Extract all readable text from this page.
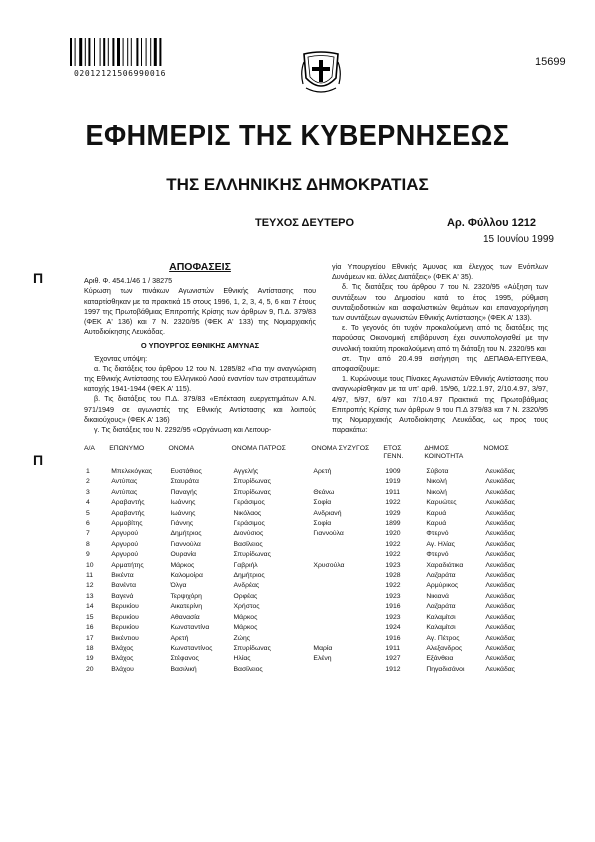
02012121506990016
15699
ΕΦΗΜΕΡΙΣ ΤΗΣ ΚΥΒΕΡΝΗΣΕΩΣ
ΤΗΣ ΕΛΛΗΝΙΚΗΣ ΔΗΜΟΚΡΑΤΙΑΣ
ΤΕΥΧΟΣ ΔΕΥΤΕΡΟ	Αρ. Φύλλου 1212
15 Ιουνίου 1999
Π
Π
ΑΠΟΦΑΣΕΙΣ

Αριθ. Φ. 454.1/46 1 / 38275

Κύρωση των πινάκων Αγωνιστών Εθνικής Αντίστασης που καταρτίσθηκαν με τα πρακτικά 15 στους 1996, 1, 2, 3, 4, 5, 6 και 7 έτους 1997 της Πρωτοβάθμιας Επιτροπής Κρίσης των άρθρων 9, Π.Δ. 379/83 (ΦΕΚ Α' 136) και 7 Ν. 2320/95 (ΦΕΚ Α' 133) της Νομαρχιακής Αυτοδιοίκησης Λευκάδας.

Ο ΥΠΟΥΡΓΟΣ ΕΘΝΙΚΗΣ ΑΜΥΝΑΣ

Έχοντας υπόψη:

α. Τις διατάξεις του άρθρου 12 του Ν. 1285/82 «Για την αναγνώριση της Εθνικής Αντίστασης του Ελληνικού Λαού εναντίον των στρατευμάτων κατοχής 1941-1944 (ΦΕΚ Α' 115).

β. Τις διατάξεις του Π.Δ. 379/83 «Επέκταση ευεργετημάτων Α.Ν. 971/1949 σε αγωνιστές της Εθνικής Αντίστασης και λοιπούς δικαιούχους» (ΦΕΚ Α' 136)

γ. Τις διατάξεις του Ν. 2292/95 «Οργάνωση και Λειτουρ-

γία Υπουργείου Εθνικής Άμυνας και έλεγχος των Ενόπλων Δυνάμεων κα. άλλες Διατάξεις» (ΦΕΚ Α' 35).

δ. Τις διατάξεις του άρθρου 7 του Ν. 2320/95 «Αύξηση των συντάξεων του Δημοσίου κατά το έτος 1995, ρύθμιση συνταξιοδοτικών και ασφαλιστικών θεμάτων και επαναχορήγηση των συντάξεων αγωνιστών Εθνικής Αντίστασης» (ΦΕΚ Α' 133).

ε. Το γεγονός ότι τυχόν προκαλούμενη από τις διατάξεις της παρούσας Οικονομική επιβάρυνση έχει συνυπολογισθεί με την συνολική τοιαύτη προκαλούμενη από τη διάταξη του Ν. 2320/95 και

στ. Την από 20.4.99 εισήγηση της ΔΕΠΑΘΑ-ΕΠΥΕΘΑ, αποφασίζουμε:

1. Κυρώνουμε τους Πίνακες Αγωνιστών Εθνικής Αντίστασης που αναγνωρίσθηκαν με τα υπ' αριθ. 15/96, 1/22.1.97, 2/10.4.97, 3/97, 4/97, 5/97, 6/97 και 7/10.4.97 Πρακτικά της Πρωτοβάθμιας Επιτροπής Κρίσης των άρθρων 9 του Π.Δ 379/83 και 7 Ν. 2320/95 της Νομαρχιακής Αυτοδιοίκησης Λευκάδας, ως προς τους παρακάτω:

Α/Α	ΕΠΩΝΥΜΟ	ΟΝΟΜΑ	ΟΝΟΜΑ ΠΑΤΡΟΣ	ΟΝΟΜΑ ΣΥΖΥΓΟΣ	ΕΤΟΣ ΓΕΝΝ.	ΔΗΜΟΣ ΚΟΙΝΟΤΗΤΑ	ΝΟΜΟΣ
1	Μπελεκόγκας	Ευστάθιος	Αγγελής	Αρετή	1909	Σύβοτα	Λευκάδας
2	Αντύπας	Σταυράτα	Σπυρίδωνας		1919	Νικολή	Λευκάδας
3	Αντύπας	Παναγής	Σπυρίδωνας	Θεάνω	1911	Νικολή	Λευκάδας
4	Αραβαντής	Ιωάννης	Γεράσιμος	Σοφία	1922	Καρυώτες	Λευκάδας
5	Αραβαντής	Ιωάννης	Νικόλαος	Ανδριανή	1929	Καρυά	Λευκάδας
6	Αρμοβίτης	Γιάννης	Γεράσιμος	Σοφία	1899	Καρυά	Λευκάδας
7	Αργυρού	Δημήτριος	Διονύσιος	Γιαννούλα	1920	Φτερνό	Λευκάδας
8	Αργυρού	Γιαννούλα	Βασίλειος		1922	Αγ. Ηλίας	Λευκάδας
9	Αργυρού	Ουρανία	Σπυρίδωνας		1922	Φτερνό	Λευκάδας
10	Αρματήτης	Μάρκος	Γαβριήλ	Χρυσούλα	1923	Χαραδιάτικα	Λευκάδας
11	Βικέντα	Καλομοίρα	Δημήτριος		1928	Λαζαράτα	Λευκάδας
12	Βανέντα	Όλγα	Ανδρέας		1922	Αρμύρικος	Λευκάδας
13	Βαγενά	Τερψιχόρη	Ορφέας		1923	Νικιανά	Λευκάδας
14	Βερυκίου	Αικατερίνη	Χρήστος		1916	Λαζαράτα	Λευκάδας
15	Βερυκίου	Αθανασία	Μάρκος		1923	Καλαμίτσι	Λευκάδας
16	Βερυκίου	Κωνσταντίνα	Μάρκος		1924	Καλαμίτσι	Λευκάδας
17	Βικέντιου	Αρετή	Ζώης		1916	Αγ. Πέτρος	Λευκάδας
18	Βλάχος	Κωνσταντίνος	Σπυρίδωνας	Μαρία	1911	Αλεξανδρος	Λευκάδας
19	Βλάχος	Στέφανος	Ηλίας	Ελένη	1927	Εξάνθεια	Λευκάδας
20	Βλάχου	Βασιλική	Βασίλειος		1912	Πηγαδισάνοι	Λευκάδας
